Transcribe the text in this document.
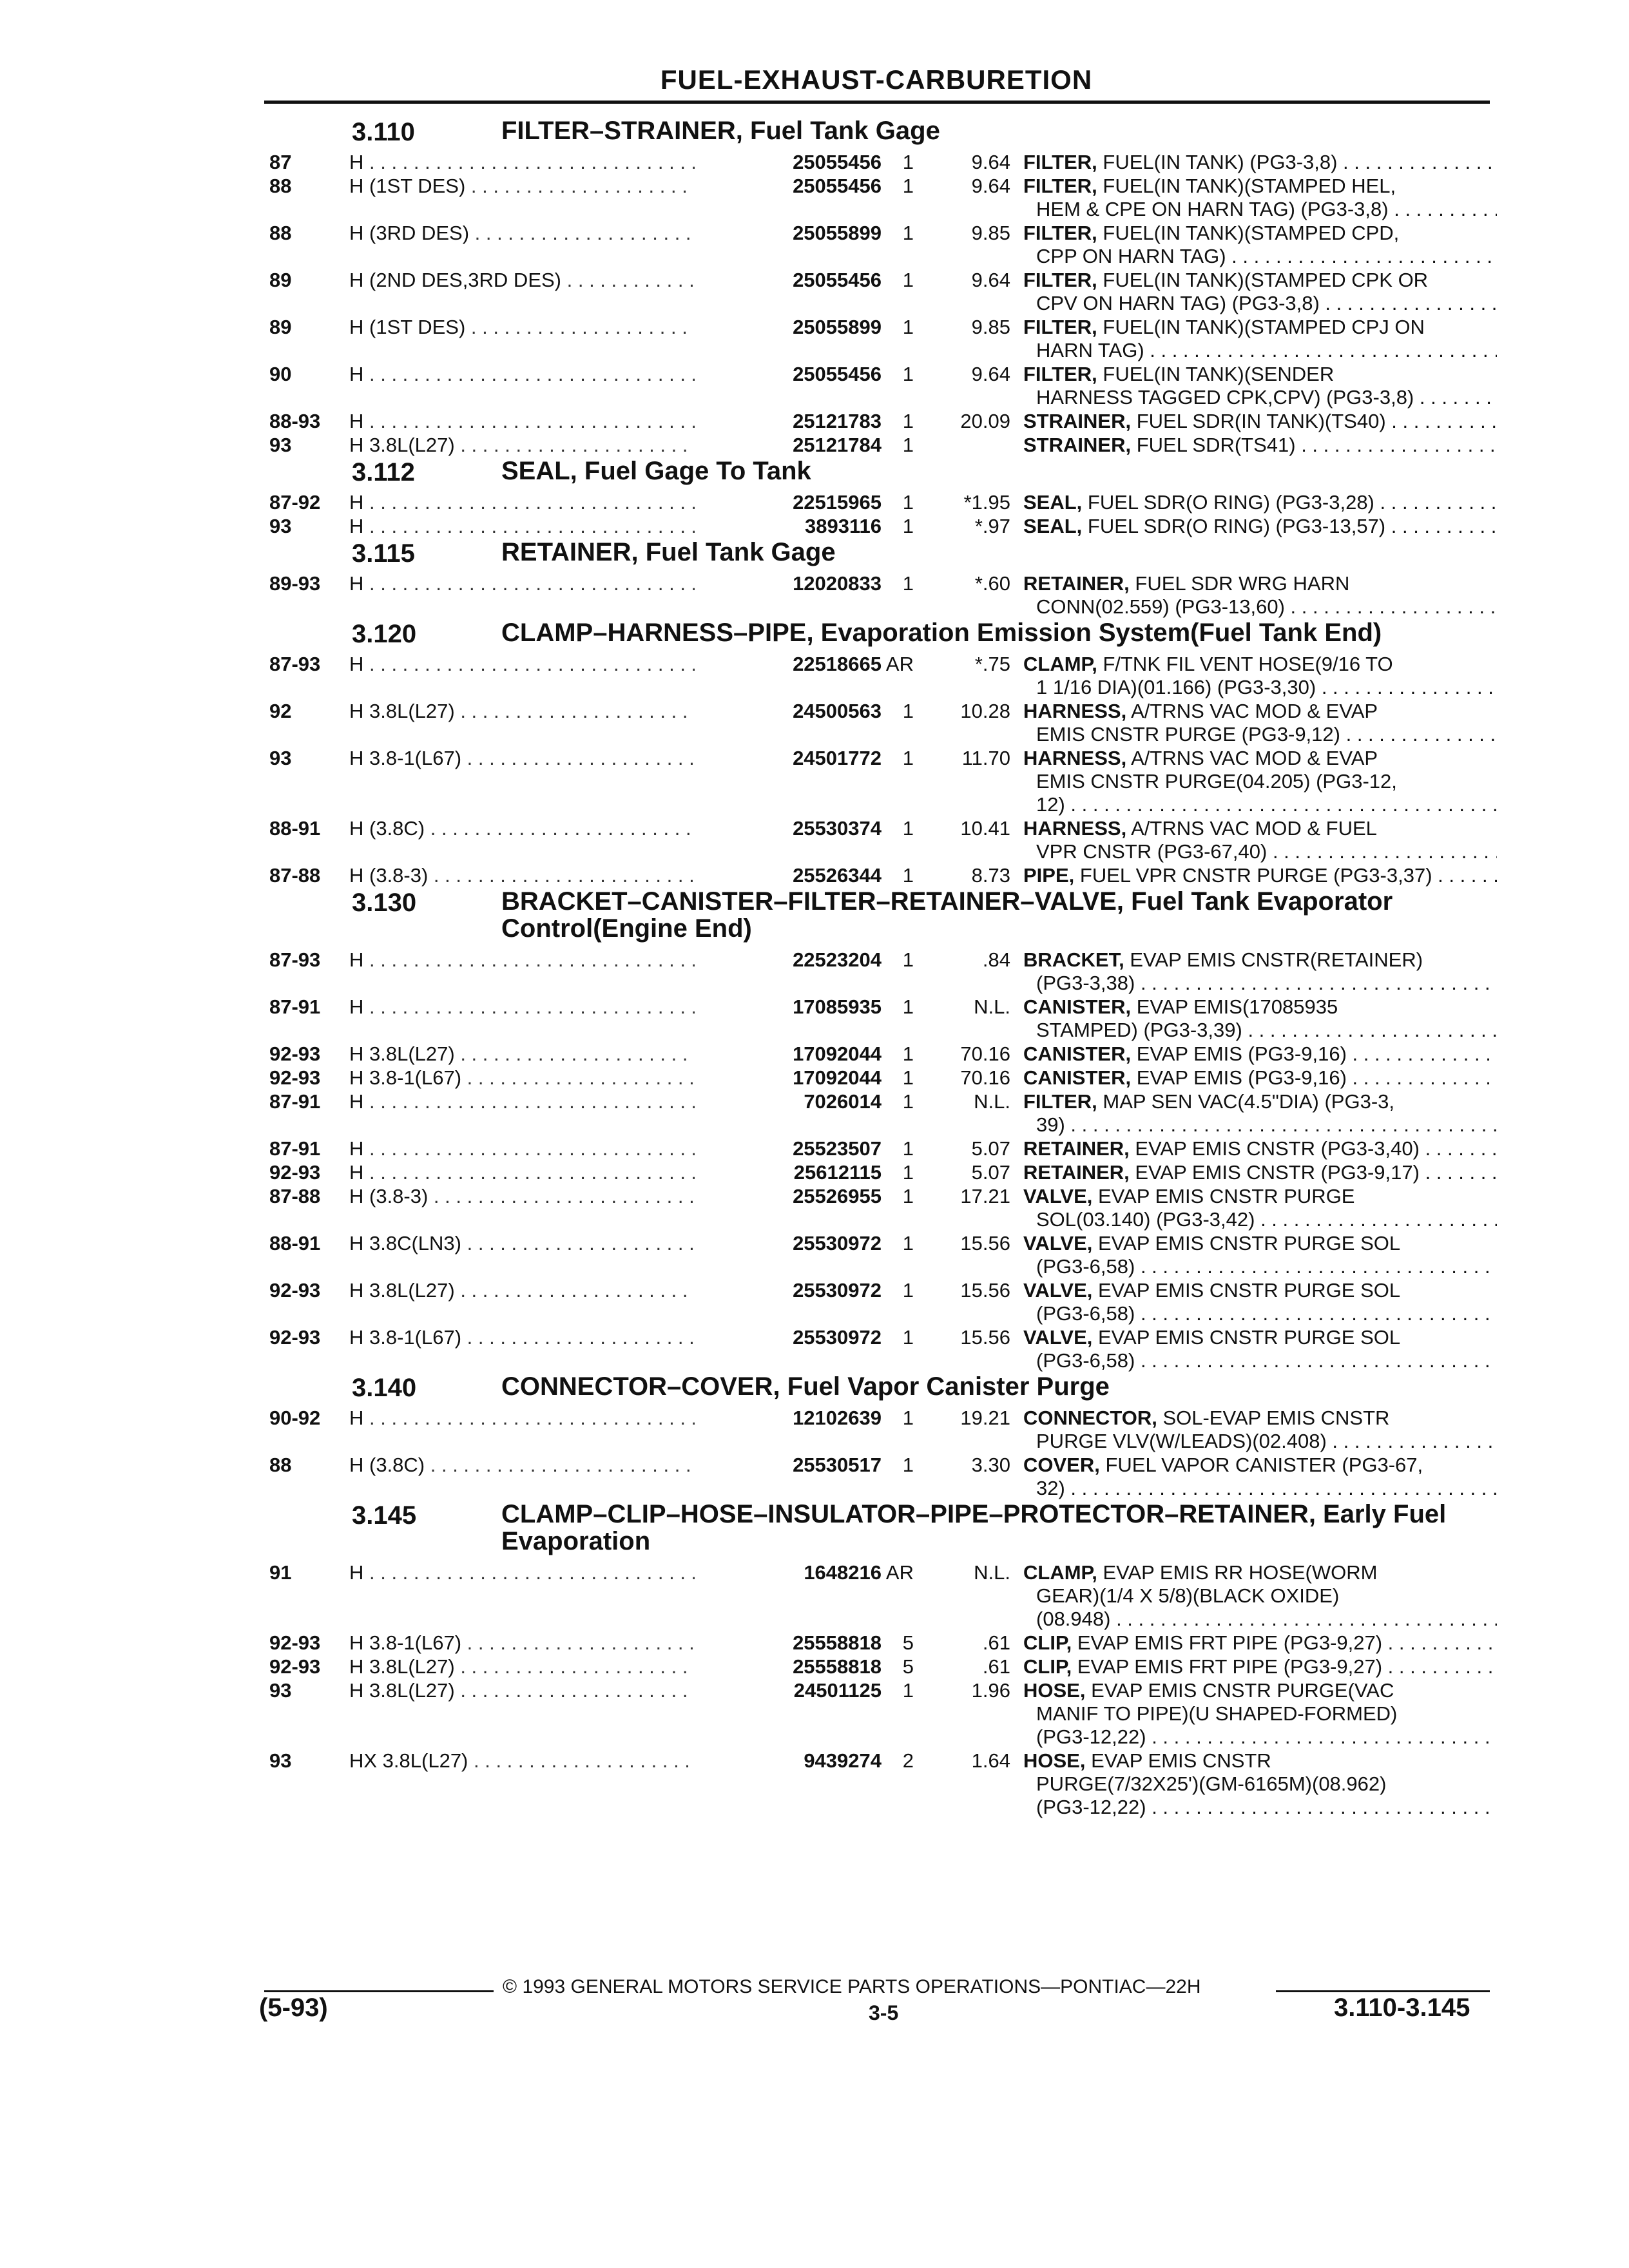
FUEL-EXHAUST-CARBURETION
3.110	FILTER–STRAINER, Fuel Tank Gage
87	H . . .	25055456	1	9.64 FILTER, FUEL(IN TANK) (PG3-3,8) . . .
88	H (1ST DES) . . .	25055456	1	9.64 FILTER, FUEL(IN TANK)(STAMPED HEL,
HEM & CPE ON HARN TAG) (PG3-3,8) . . .
88	H (3RD DES) . . .	25055899	1	9.85 FILTER, FUEL(IN TANK)(STAMPED CPD,
CPP ON HARN TAG) . . .
89	H (2ND DES,3RD DES) . . .	25055456	1	9.64 FILTER, FUEL(IN TANK)(STAMPED CPK OR
CPV ON HARN TAG) (PG3-3,8) . . .
89	H (1ST DES) . . .	25055899	1	9.85 FILTER, FUEL(IN TANK)(STAMPED CPJ ON
HARN TAG) . . .
90	H . . .	25055456	1	9.64 FILTER, FUEL(IN TANK)(SENDER
HARNESS TAGGED CPK,CPV) (PG3-3,8) . . .
88-93 H . . .	25121783	1	20.09 STRAINER, FUEL SDR(IN TANK)(TS40) . . .
93	H 3.8L(L27) . . .	25121784	1	STRAINER, FUEL SDR(TS41) . . .
3.112	SEAL, Fuel Gage To Tank
87-92 H . . .	22515965	1	*1.95 SEAL, FUEL SDR(O RING) (PG3-3,28) . . .
93	H . . .	3893116	1	*.97 SEAL, FUEL SDR(O RING) (PG3-13,57) . . .
3.115	RETAINER, Fuel Tank Gage
89-93 H . . .	12020833	1	*.60 RETAINER, FUEL SDR WRG HARN
CONN(02.559) (PG3-13,60) . . .
3.120	CLAMP–HARNESS–PIPE, Evaporation Emission System(Fuel Tank End)
87-93 H . . .	22518665 AR	*.75 CLAMP, F/TNK FIL VENT HOSE(9/16 TO
1 1/16 DIA)(01.166) (PG3-3,30) . . .
92	H 3.8L(L27) . . .	24500563	1	10.28 HARNESS, A/TRNS VAC MOD & EVAP
EMIS CNSTR PURGE (PG3-9,12) . . .
93	H 3.8-1(L67) . . .	24501772	1	11.70 HARNESS, A/TRNS VAC MOD & EVAP
EMIS CNSTR PURGE(04.205) (PG3-12,
12) . . .
88-91 H (3.8C) . . .	25530374	1	10.41 HARNESS, A/TRNS VAC MOD & FUEL
VPR CNSTR (PG3-67,40) . . .
87-88 H (3.8-3) . . .	25526344	1	8.73 PIPE, FUEL VPR CNSTR PURGE (PG3-3,37) . . .
3.130	BRACKET–CANISTER–FILTER–RETAINER–VALVE, Fuel Tank Evaporator Control(Engine End)
87-93 H . . .	22523204	1	.84 BRACKET, EVAP EMIS CNSTR(RETAINER)
(PG3-3,38) . . .
87-91 H . . .	17085935	1	N.L. CANISTER, EVAP EMIS(17085935
STAMPED) (PG3-3,39) . . .
92-93 H 3.8L(L27) . . .	17092044	1	70.16 CANISTER, EVAP EMIS (PG3-9,16) . . .
92-93 H 3.8-1(L67) . . .	17092044	1	70.16 CANISTER, EVAP EMIS (PG3-9,16) . . .
87-91 H . . .	7026014	1	N.L. FILTER, MAP SEN VAC(4.5"DIA) (PG3-3,
39) . . .
87-91 H . . .	25523507	1	5.07 RETAINER, EVAP EMIS CNSTR (PG3-3,40) . . .
92-93 H . . .	25612115	1	5.07 RETAINER, EVAP EMIS CNSTR (PG3-9,17) . . .
87-88 H (3.8-3) . . .	25526955	1	17.21 VALVE, EVAP EMIS CNSTR PURGE
SOL(03.140) (PG3-3,42) . . .
88-91 H 3.8C(LN3) . . .	25530972	1	15.56 VALVE, EVAP EMIS CNSTR PURGE SOL
(PG3-6,58) . . .
92-93 H 3.8L(L27) . . .	25530972	1	15.56 VALVE, EVAP EMIS CNSTR PURGE SOL
(PG3-6,58) . . .
92-93 H 3.8-1(L67) . . .	25530972	1	15.56 VALVE, EVAP EMIS CNSTR PURGE SOL
(PG3-6,58) . . .
3.140	CONNECTOR–COVER, Fuel Vapor Canister Purge
90-92 H . . .	12102639	1	19.21 CONNECTOR, SOL-EVAP EMIS CNSTR
PURGE VLV(W/LEADS)(02.408) . . .
88	H (3.8C) . . .	25530517	1	3.30 COVER, FUEL VAPOR CANISTER (PG3-67,
32) . . .
3.145	CLAMP–CLIP–HOSE–INSULATOR–PIPE–PROTECTOR–RETAINER, Early Fuel Evaporation
91	H . . .	1648216 AR	N.L. CLAMP, EVAP EMIS RR HOSE(WORM
GEAR)(1/4 X 5/8)(BLACK OXIDE)
(08.948) . . .
92-93 H 3.8-1(L67) . . .	25558818	5	.61 CLIP, EVAP EMIS FRT PIPE (PG3-9,27) . . .
92-93 H 3.8L(L27) . . .	25558818	5	.61 CLIP, EVAP EMIS FRT PIPE (PG3-9,27) . . .
93	H 3.8L(L27) . . .	24501125	1	1.96 HOSE, EVAP EMIS CNSTR PURGE(VAC
MANIF TO PIPE)(U SHAPED-FORMED)
(PG3-12,22) . . .
93	HX 3.8L(L27) . . .	9439274	2	1.64 HOSE, EVAP EMIS CNSTR
PURGE(7/32X25')(GM-6165M)(08.962)
(PG3-12,22) . . .
© 1993 GENERAL MOTORS SERVICE PARTS OPERATIONS—PONTIAC—22H
(5-93)	3-5	3.110-3.145
